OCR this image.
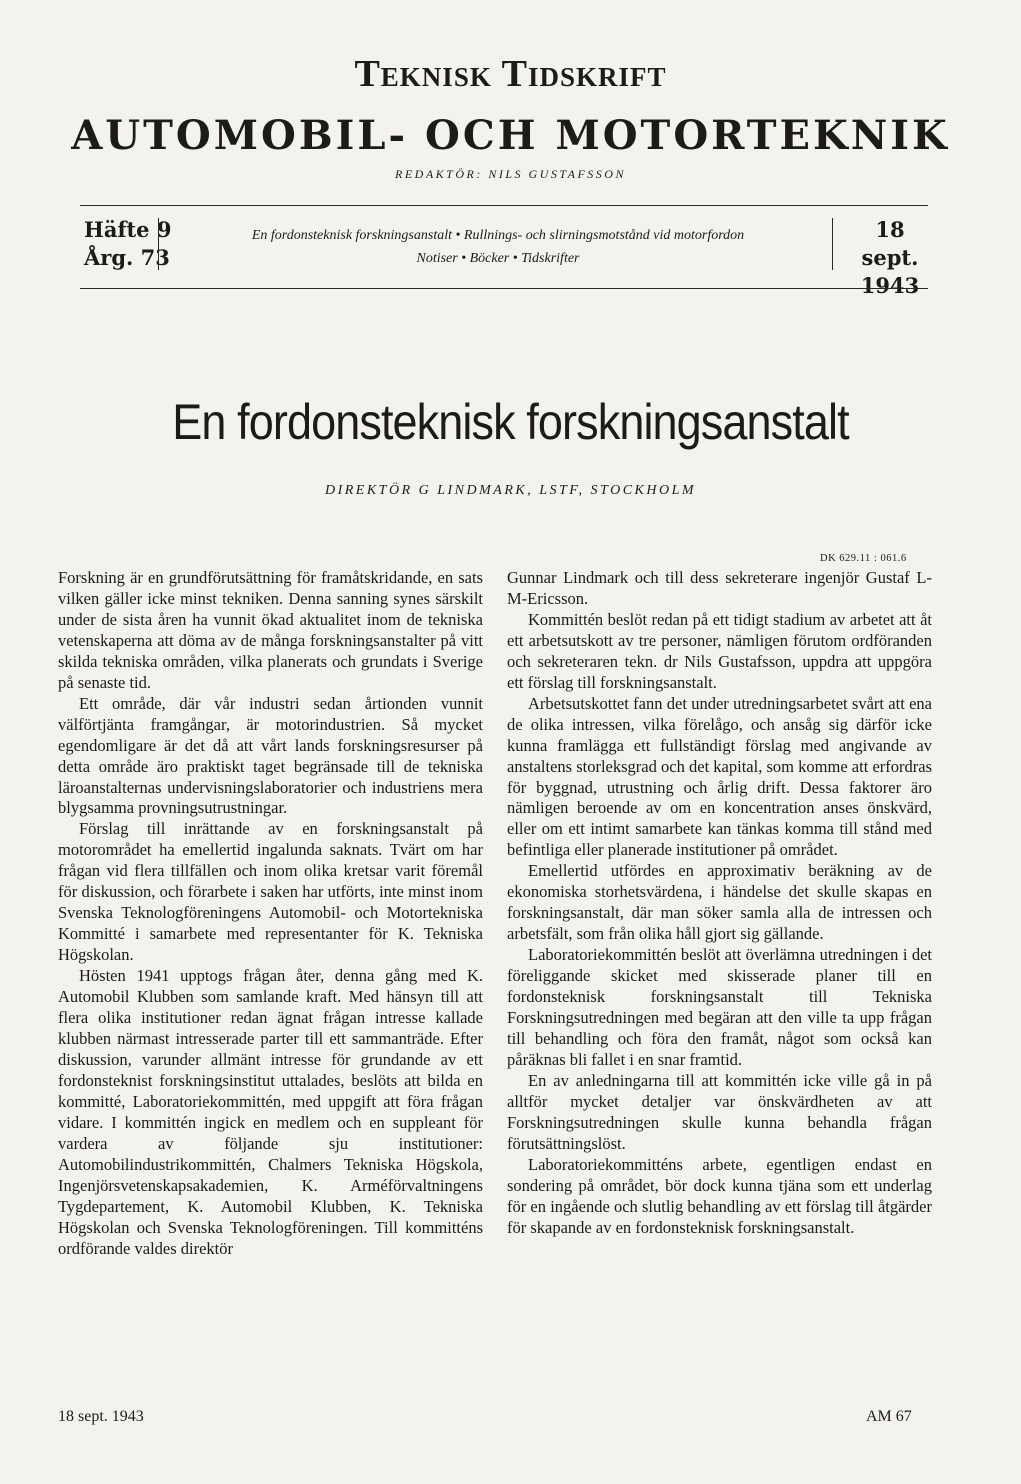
Teknisk Tidskrift
AUTOMOBIL- OCH MOTORTEKNIK
REDAKTÖR: NILS GUSTAFSSON
Häfte 9
Årg. 73
En fordonsteknisk forskningsanstalt • Rullnings- och slirningsmotstånd vid motorfordon
Notiser • Böcker • Tidskrifter
18 sept.
1943
En fordonsteknisk forskningsanstalt
DIREKTÖR G LINDMARK, LSTF, STOCKHOLM
DK 629.11 : 061.6

Forskning är en grundförutsättning för framåtskridande, en sats vilken gäller icke minst tekniken. Denna sanning synes särskilt under de sista åren ha vunnit ökad aktualitet inom de tekniska vetenskaperna att döma av de många forskningsanstalter på vitt skilda tekniska områden, vilka planerats och grundats i Sverige på senaste tid.

Ett område, där vår industri sedan årtionden vunnit välförtjänta framgångar, är motorindustrien. Så mycket egendomligare är det då att vårt lands forskningsresurser på detta område äro praktiskt taget begränsade till de tekniska läroanstalternas undervisningslaboratorier och industriens mera blygsamma provningsutrustningar.

Förslag till inrättande av en forskningsanstalt på motorområdet ha emellertid ingalunda saknats. Tvärt om har frågan vid flera tillfällen och inom olika kretsar varit föremål för diskussion, och förarbete i saken har utförts, inte minst inom Svenska Teknologföreningens Automobil- och Motortekniska Kommitté i samarbete med representanter för K. Tekniska Högskolan.

Hösten 1941 upptogs frågan åter, denna gång med K. Automobil Klubben som samlande kraft. Med hänsyn till att flera olika institutioner redan ägnat frågan intresse kallade klubben närmast intresserade parter till ett sammanträde. Efter diskussion, varunder allmänt intresse för grundande av ett fordonsteknist forskningsinstitut uttalades, beslöts att bilda en kommitté, Laboratoriekommittén, med uppgift att föra frågan vidare. I kommittén ingick en medlem och en suppleant för vardera av följande sju institutioner: Automobilindustrikommittén, Chalmers Tekniska Högskola, Ingenjörsvetenskapsakademien, K. Arméförvaltningens Tygdepartement, K. Automobil Klubben, K. Tekniska Högskolan och Svenska Teknologföreningen. Till kommitténs ordförande valdes direktör

Gunnar Lindmark och till dess sekreterare ingenjör Gustaf L-M-Ericsson.

Kommittén beslöt redan på ett tidigt stadium av arbetet att åt ett arbetsutskott av tre personer, nämligen förutom ordföranden och sekreteraren tekn. dr Nils Gustafsson, uppdra att uppgöra ett förslag till forskningsanstalt.

Arbetsutskottet fann det under utredningsarbetet svårt att ena de olika intressen, vilka förelågo, och ansåg sig därför icke kunna framlägga ett fullständigt förslag med angivande av anstaltens storleksgrad och det kapital, som komme att erfordras för byggnad, utrustning och årlig drift. Dessa faktorer äro nämligen beroende av om en koncentration anses önskvärd, eller om ett intimt samarbete kan tänkas komma till stånd med befintliga eller planerade institutioner på området.

Emellertid utfördes en approximativ beräkning av de ekonomiska storhetsvärdena, i händelse det skulle skapas en forskningsanstalt, där man söker samla alla de intressen och arbetsfält, som från olika håll gjort sig gällande.

Laboratoriekommittén beslöt att överlämna utredningen i det föreliggande skicket med skisserade planer till en fordonsteknisk forskningsanstalt till Tekniska Forskningsutredningen med begäran att den ville ta upp frågan till behandling och föra den framåt, något som också kan påräknas bli fallet i en snar framtid.

En av anledningarna till att kommittén icke ville gå in på alltför mycket detaljer var önskvärdheten av att Forskningsutredningen skulle kunna behandla frågan förutsättningslöst.

Laboratoriekommitténs arbete, egentligen endast en sondering på området, bör dock kunna tjäna som ett underlag för en ingående och slutlig behandling av ett förslag till åtgärder för skapande av en fordonsteknisk forskningsanstalt.

18 sept. 1943	AM 67
